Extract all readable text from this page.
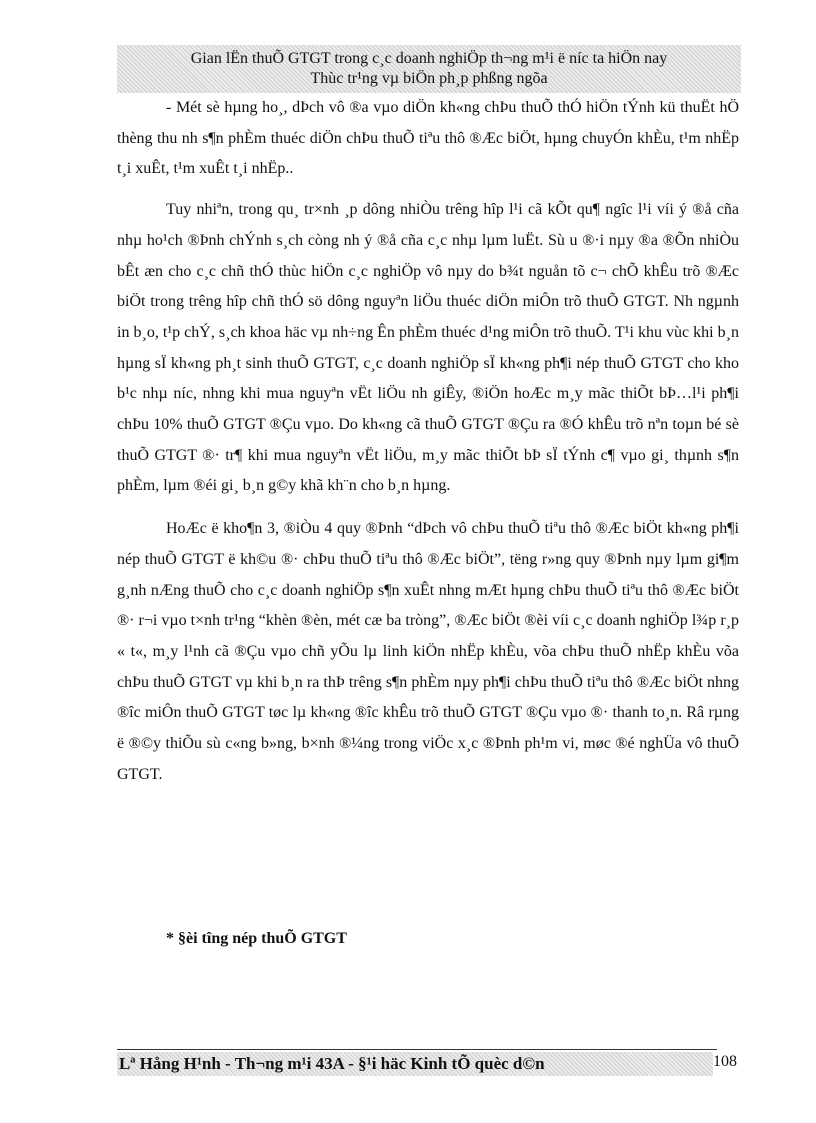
Gian lËn thuÕ GTGT trong c¸c doanh nghiÖp th¬ng m¹i ë níc ta hiÖn nay
Thùc tr¹ng vµ biÖn ph¸p phßng ngõa

- Mét sè hµng ho¸, dÞch vô ®a vµo diÖn kh«ng chÞu thuÕ thÓ hiÖn tÝnh kü thuËt hÖ thèng thu nh s¶n phÈm thuéc diÖn chÞu thuÕ tiªu thô ®Æc biÖt, hµng chuyÓn khÈu, t¹m nhËp t¸i xuÊt, t¹m xuÊt t¸i nhËp..

Tuy nhiªn, trong qu¸ tr×nh ¸p dông nhiÒu trêng hîp l¹i cã kÕt qu¶ ngîc l¹i víi ý ®å cña nhµ ho¹ch ®Þnh chÝnh s¸ch còng nh ý ®å cña c¸c nhµ lµm luËt. Sù u ®·i nµy ®a ®Õn nhiÒu bÊt æn cho c¸c chñ thÓ thùc hiÖn c¸c nghiÖp vô nµy do b¾t nguån tõ c¬ chÕ khÊu trõ ®Æc biÖt trong trêng hîp chñ thÓ sö dông nguyªn liÖu thuéc diÖn miÔn trõ thuÕ GTGT. Nh ngµnh in b¸o, t¹p chÝ, s¸ch khoa häc vµ nh÷ng Ên phÈm thuéc d¹ng miÔn trõ thuÕ. T¹i khu vùc khi b¸n hµng sÏ kh«ng ph¸t sinh thuÕ GTGT, c¸c doanh nghiÖp sÏ kh«ng ph¶i nép thuÕ GTGT cho kho b¹c nhµ níc, nhng khi mua nguyªn vËt liÖu nh giÊy, ®iÖn hoÆc m¸y mãc thiÕt bÞ…l¹i ph¶i chÞu 10% thuÕ GTGT ®Çu vµo. Do kh«ng cã thuÕ GTGT ®Çu ra ®Ó khÊu trõ nªn toµn bé sè thuÕ GTGT ®· tr¶ khi mua nguyªn vËt liÖu, m¸y mãc thiÕt bÞ sÏ tÝnh c¶ vµo gi¸ thµnh s¶n phÈm, lµm ®éi gi¸ b¸n g©y khã kh¨n cho b¸n hµng.

HoÆc ë kho¶n 3, ®iÒu 4 quy ®Þnh “dÞch vô chÞu thuÕ tiªu thô ®Æc biÖt kh«ng ph¶i nép thuÕ GTGT ë kh©u ®· chÞu thuÕ tiªu thô ®Æc biÖt”, tëng r»ng quy ®Þnh nµy lµm gi¶m g¸nh nÆng thuÕ cho c¸c doanh nghiÖp s¶n xuÊt nhng mÆt hµng chÞu thuÕ tiªu thô ®Æc biÖt ®· r¬i vµo t×nh tr¹ng “khèn ®èn, mét cæ ba tròng”, ®Æc biÖt ®èi víi c¸c doanh nghiÖp l¾p r¸p « t«, m¸y l¹nh cã ®Çu vµo chñ yÕu lµ linh kiÖn nhËp khÈu, võa chÞu thuÕ nhËp khÈu võa chÞu thuÕ GTGT vµ khi b¸n ra thÞ trêng s¶n phÈm nµy ph¶i chÞu thuÕ tiªu thô ®Æc biÖt nhng ®îc miÔn thuÕ GTGT tøc lµ kh«ng ®îc khÊu trõ thuÕ GTGT ®Çu vµo ®· thanh to¸n. Râ rµng ë ®©y thiÕu sù c«ng b»ng, b×nh ®¼ng trong viÖc x¸c ®Þnh ph¹m vi, møc ®é nghÜa vô thuÕ GTGT.

* §èi tîng nép thuÕ GTGT
Lª Hång H¹nh - Th¬ng m¹i 43A - §¹i häc Kinh tÕ quèc d©n	108
